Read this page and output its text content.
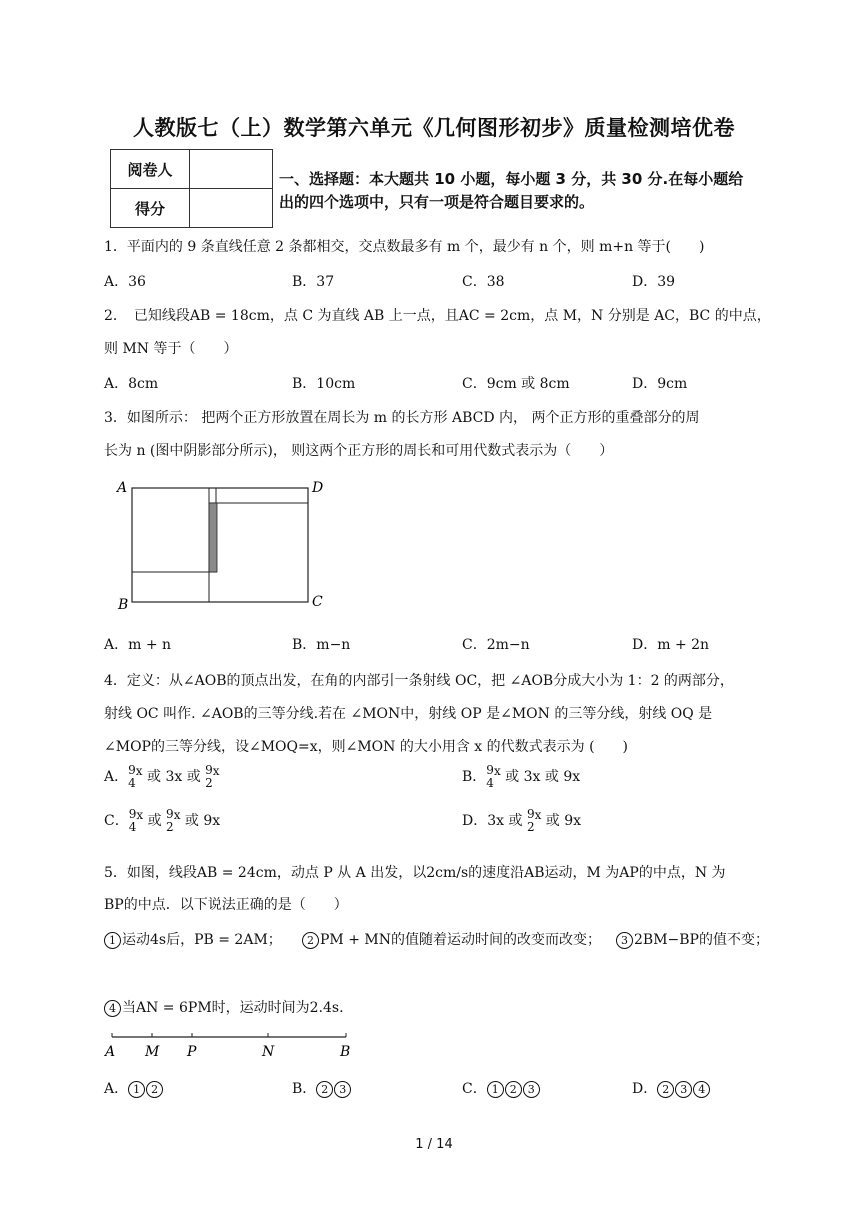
人教版七（上）数学第六单元《几何图形初步》质量检测培优卷
阅卷人	
得分	
一、选择题：本大题共 10 小题，每小题 3 分，共 30 分.在每小题给
出的四个选项中，只有一项是符合题目要求的。
1．平面内的 9 条直线任意 2 条都相交，交点数最多有 m 个，最少有 n 个，则 m+n 等于(　　)
A．36	B．37	C．38	D．39
2．　已知线段AB = 18cm，点 C 为直线 AB 上一点，且AC = 2cm，点 M，N 分别是 AC，BC 的中点，
则 MN 等于（　　）
A．8cm	B．10cm	C．9cm 或 8cm	D．9cm
3．如图所示： 把两个正方形放置在周长为 m 的长方形 ABCD 内， 两个正方形的重叠部分的周
长为 n (图中阴影部分所示)， 则这两个正方形的周长和可用代数式表示为（　　）
A
B	C
D
A．m + n	B．m−n	C．2m−n	D．m + 2n
4．定义：从∠AOB的顶点出发，在角的内部引一条射线 OC，把 ∠AOB分成大小为 1：2 的两部分，
射线 OC 叫作. ∠AOB的三等分线.若在 ∠MON中，射线 OP 是∠MON 的三等分线，射线 OQ 是
∠MOP的三等分线，设∠MOQ=x，则∠MON 的大小用含 x 的代数式表示为 (　　)
A． 9
4
x 或 3x 或 9
2
x	B． 9
4
x 或 3x 或 9x
C． 9
4
x 或 9
2
x 或 9x	D．3x 或 9
2
x 或 9x
5．如图，线段AB = 24cm，动点 P 从 A 出发，以2cm/s的速度沿AB运动，M 为AP的中点，N 为
BP的中点．以下说法正确的是（　　）
1 运动4s后，PB = 2AM；	2 PM + MN的值随着运动时间的改变而改变；	3 2BM−BP的值不变；
4 当AN = 6PM时，运动时间为2.4s.
A M P	N	B
A． 1 2	B． 2 3	C． 1 2 3	D． 2 3 4
1 / 14
